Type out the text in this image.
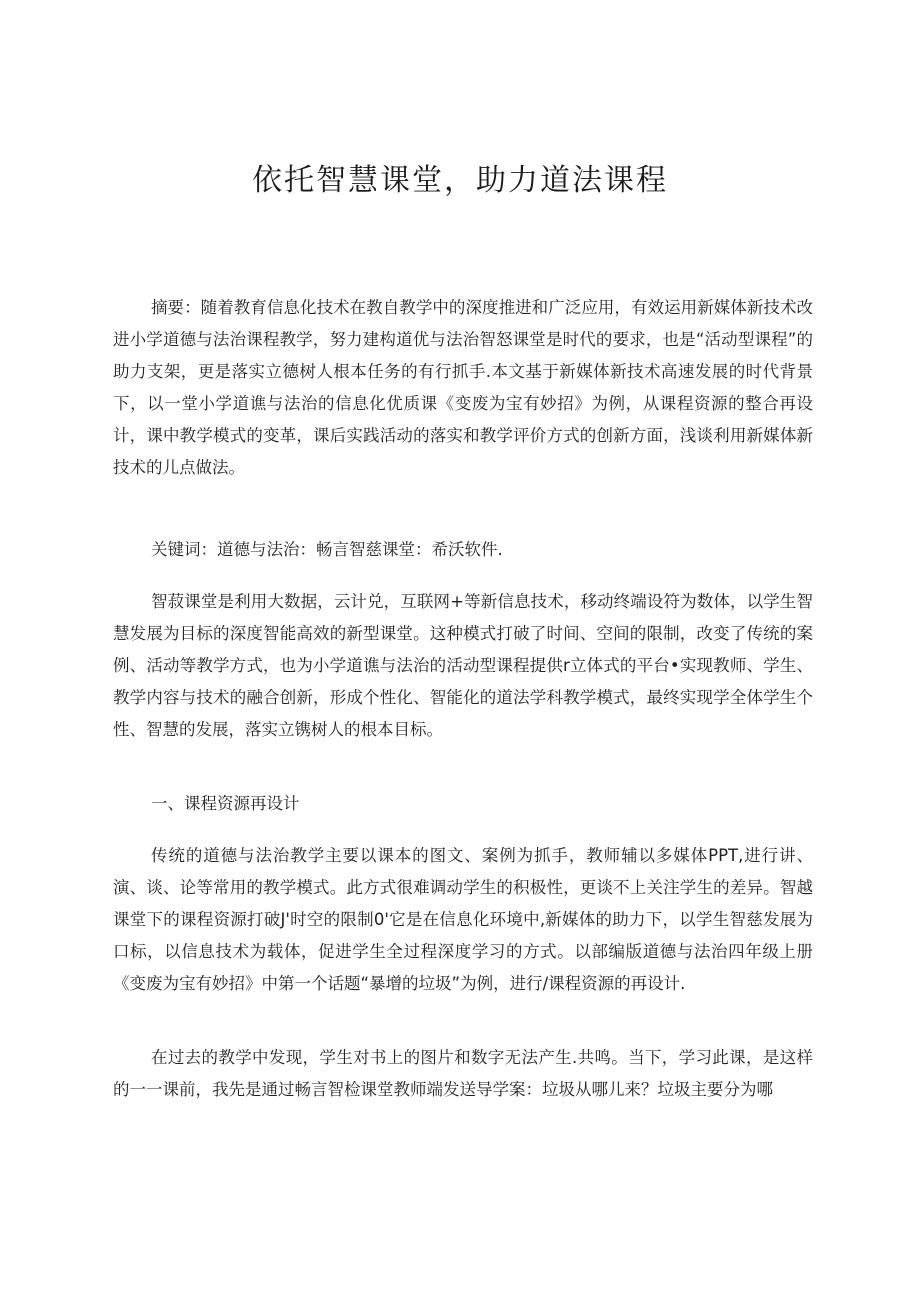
依托智慧课堂，助力道法课程

摘要：随着教育信息化技术在教自教学中的深度推进和广泛应用，有效运用新媒体新技术改进小学道德与法治课程教学，努力建构道优与法治智怒课堂是时代的要求，也是“活动型课程”的助力支架，更是落实立德树人根本任务的有行抓手.本文基于新媒体新技术高速发展的时代背景下，以一堂小学道谯与法治的信息化优质课《变废为宝有妙招》为例，从课程资源的整合再设计，课中教学模式的变革，课后实践活动的落实和教学评价方式的创新方面，浅谈利用新媒体新技术的儿点做法。

关键词：道德与法治：畅言智慈课堂：希沃软件.

智菽课堂是利用大数据，云计兑，互联网+等新信息技术，移动终端设符为数体，以学生智慧发展为目标的深度智能高效的新型课堂。这种模式打破了时间、空间的限制，改变了传统的案例、活动等教学方式，也为小学道谯与法治的活动型课程提供r立体式的平台•实现教师、学生、教学内容与技术的融合创新，形成个性化、智能化的道法学科教学模式，最终实现学全体学生个性、智慧的发展，落实立镌树人的根本目标。

一、课程资源再设计

传统的道德与法治教学主要以课本的图文、案例为抓手，教师辅以多媒体PPT,进行讲、演、谈、论等常用的教学模式。此方式很难调动学生的积极性，更谈不上关注学生的差异。智越课堂下的课程资源打破J'时空的限制0'它是在信息化环境中,新媒体的助力下，以学生智慈发展为口标，以信息技术为载体，促进学生全过程深度学习的方式。以部编版道德与法治四年级上册《变废为宝有妙招》中第一个话题“暴增的垃圾”为例，进行/课程资源的再设计.

在过去的教学中发现，学生对书上的图片和数字无法产生.共鸣。当下，学习此课，是这样的一一课前，我先是通过畅言智检课堂教师端发送导学案：垃圾从哪儿来？垃圾主要分为哪
